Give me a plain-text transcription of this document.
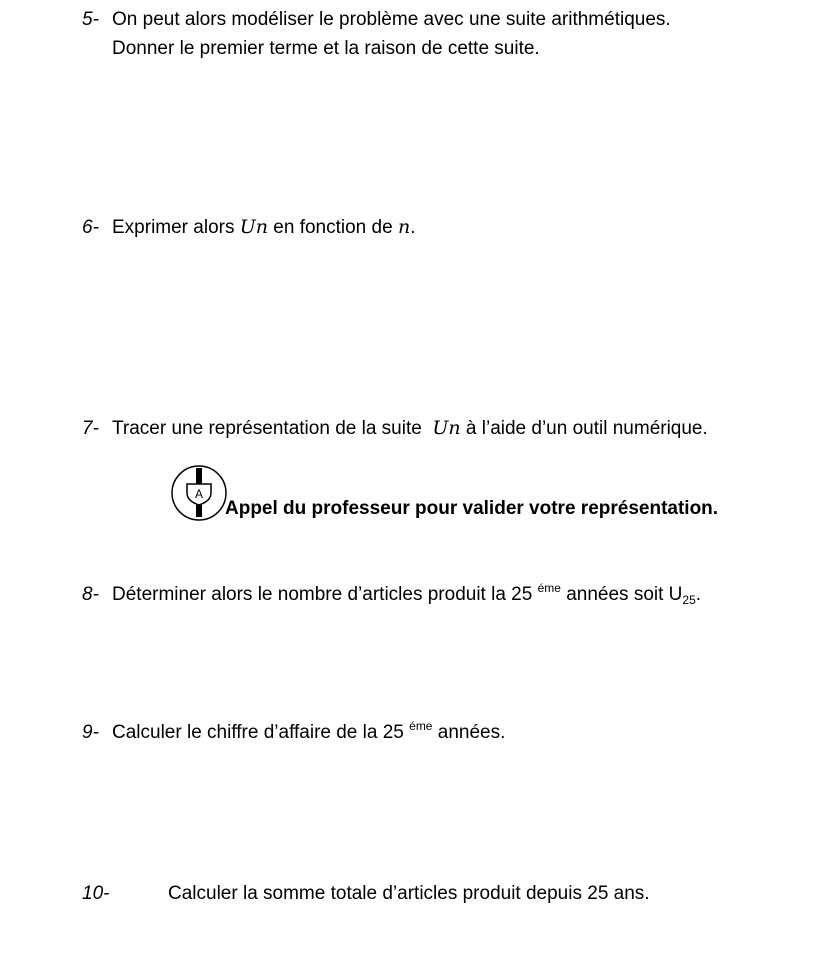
5- On peut alors modéliser le problème avec une suite arithmétiques.
Donner le premier terme et la raison de cette suite.
6- Exprimer alors Un en fonction de n.
7- Tracer une représentation de la suite  Un à l’aide d’un outil numérique.
A
Appel du professeur pour valider votre représentation.
8- Déterminer alors le nombre d’articles produit la 25 $^{éme}$ années soit $U_{25}$.
9- Calculer le chiffre d’affaire de la 25 $^{éme}$ années.
10-	Calculer la somme totale d’articles produit depuis 25 ans.
